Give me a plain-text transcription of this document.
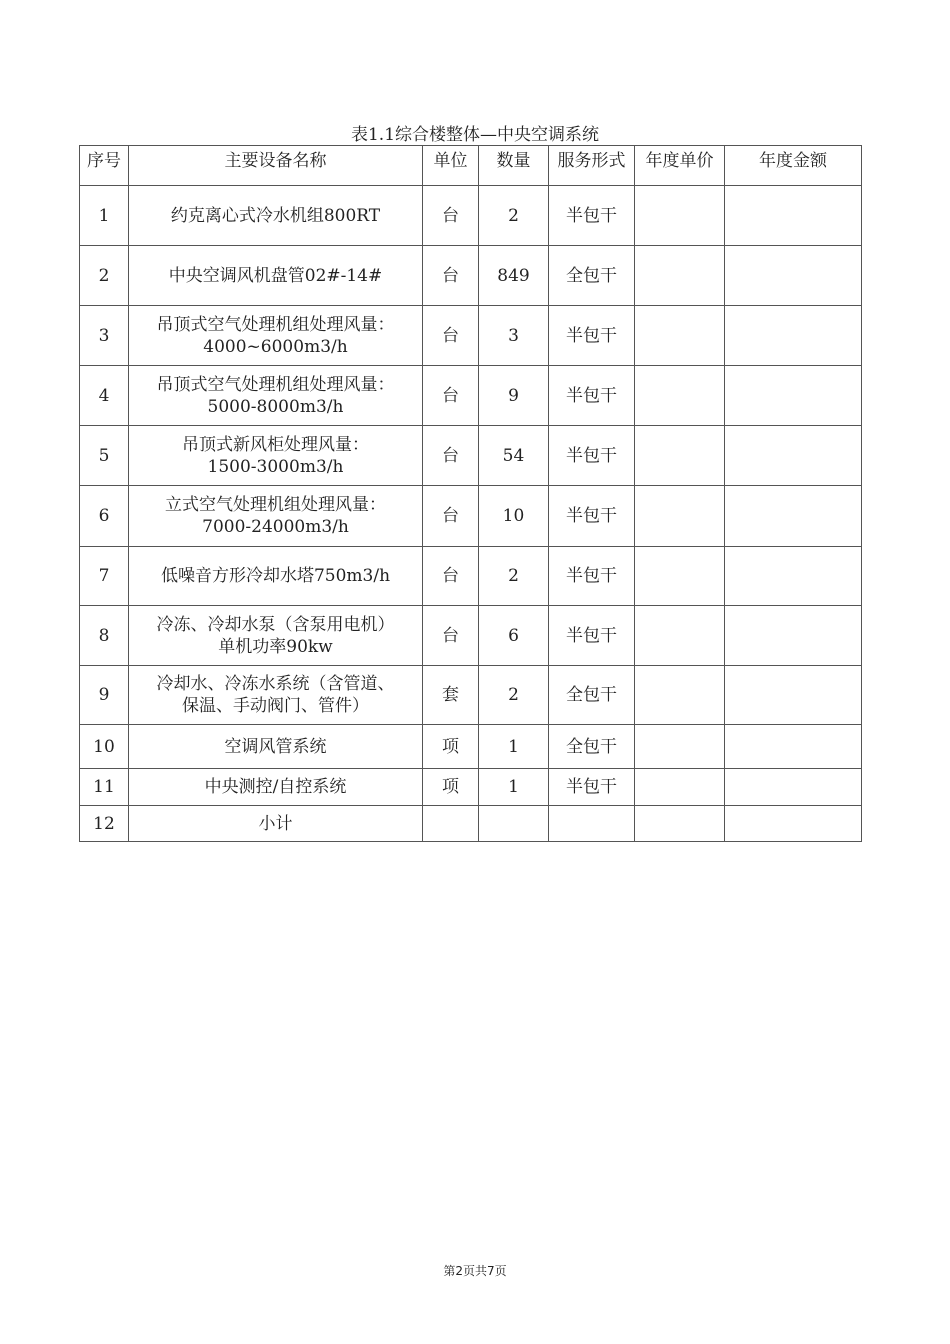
表1.1综合楼整体—中央空调系统
序号	主要设备名称	单位	数量	服务形式	年度单价	年度金额

1	约克离心式冷水机组800RT	台	2	半包干		
2	中央空调风机盘管02#-14#	台	849	全包干		
3	吊顶式空气处理机组处理风量：
4000~6000m3/h	台	3	半包干		
4	吊顶式空气处理机组处理风量：
5000-8000m3/h	台	9	半包干		
5	吊顶式新风柜处理风量：
1500-3000m3/h	台	54	半包干		
6	立式空气处理机组处理风量：
7000-24000m3/h	台	10	半包干		
7	低噪音方形冷却水塔750m3/h	台	2	半包干		
8	冷冻、冷却水泵（含泵用电机）
单机功率90kw	台	6	半包干		
9	冷却水、冷冻水系统（含管道、
保温、手动阀门、管件）	套	2	全包干		
10	空调风管系统	项	1	全包干		
11	中央测控/自控系统	项	1	半包干		
12	小计					

第2页共7页
